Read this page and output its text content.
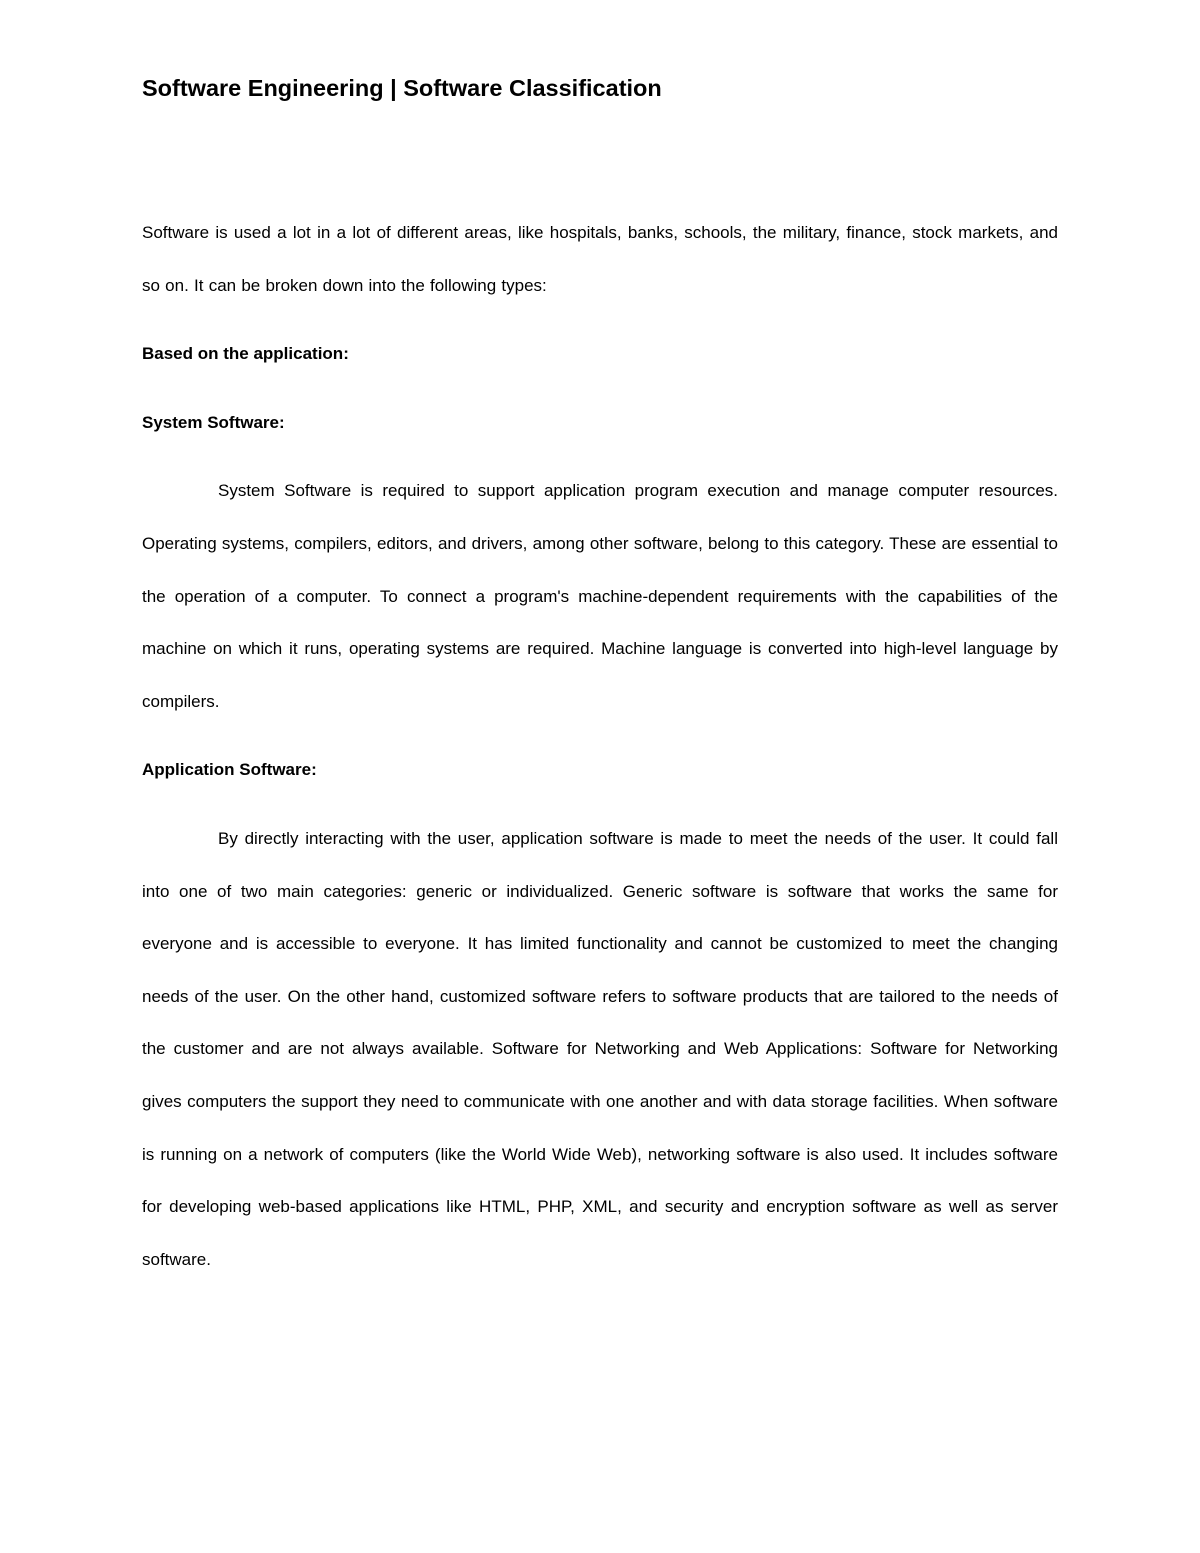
Software Engineering | Software Classification

Software is used a lot in a lot of different areas, like hospitals, banks, schools, the military, finance, stock markets, and so on. It can be broken down into the following types:

Based on the application:

System Software:

System Software is required to support application program execution and manage computer resources. Operating systems, compilers, editors, and drivers, among other software, belong to this category. These are essential to the operation of a computer. To connect a program's machine-dependent requirements with the capabilities of the machine on which it runs, operating systems are required. Machine language is converted into high-level language by compilers.

Application Software:

By directly interacting with the user, application software is made to meet the needs of the user. It could fall into one of two main categories: generic or individualized. Generic software is software that works the same for everyone and is accessible to everyone. It has limited functionality and cannot be customized to meet the changing needs of the user. On the other hand, customized software refers to software products that are tailored to the needs of the customer and are not always available. Software for Networking and Web Applications: Software for Networking gives computers the support they need to communicate with one another and with data storage facilities. When software is running on a network of computers (like the World Wide Web), networking software is also used. It includes software for developing web-based applications like HTML, PHP, XML, and security and encryption software as well as server software.
